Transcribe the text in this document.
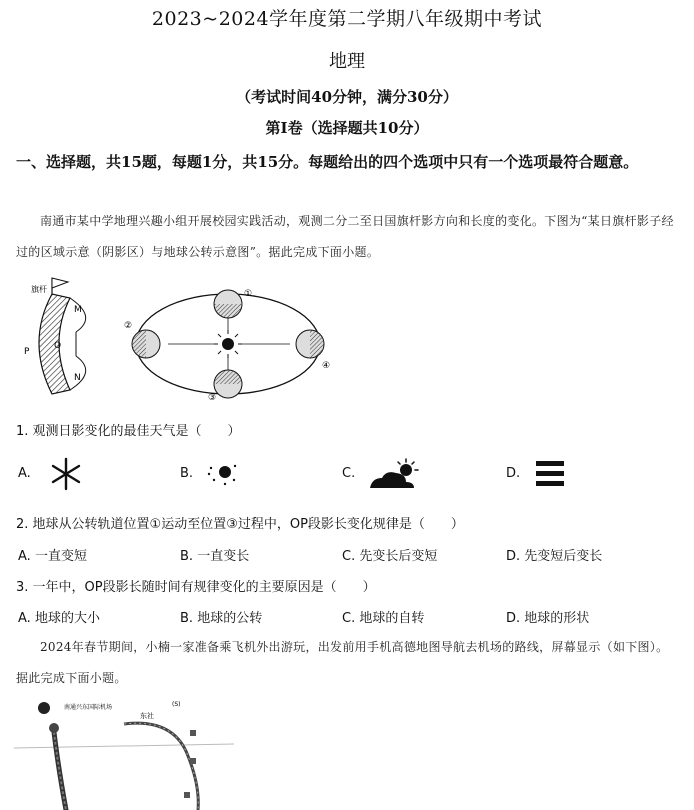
2023~2024学年度第二学期八年级期中考试
地理
（考试时间40分钟，满分30分）
第Ⅰ卷（选择题共10分）
一、选择题，共15题，每题1分，共15分。每题给出的四个选项中只有一个选项最符合题意。
南通市某中学地理兴趣小组开展校园实践活动，观测二分二至日国旗杆影方向和长度的变化。下图为“某日旗杆影子经过的区域示意（阴影区）与地球公转示意图”。据此完成下面小题。
旗杆
M
O
P
N
①
②
③
④
1. 观测日影变化的最佳天气是（　　）
A.	B.	C.	D.
2. 地球从公转轨道位置①运动至位置③过程中，OP段影长变化规律是（　　）
A. 一直变短	B. 一直变长	C. 先变长后变短	D. 先变短后变长
3. 一年中，OP段影长随时间有规律变化的主要原因是（　　）
A. 地球的大小	B. 地球的公转	C. 地球的自转	D. 地球的形状
2024年春节期间，小楠一家准备乘飞机外出游玩，出发前用手机高德地图导航去机场的路线，屏幕显示（如下图）。据此完成下面小题。
南通兴东国际机场
东社
(S)
